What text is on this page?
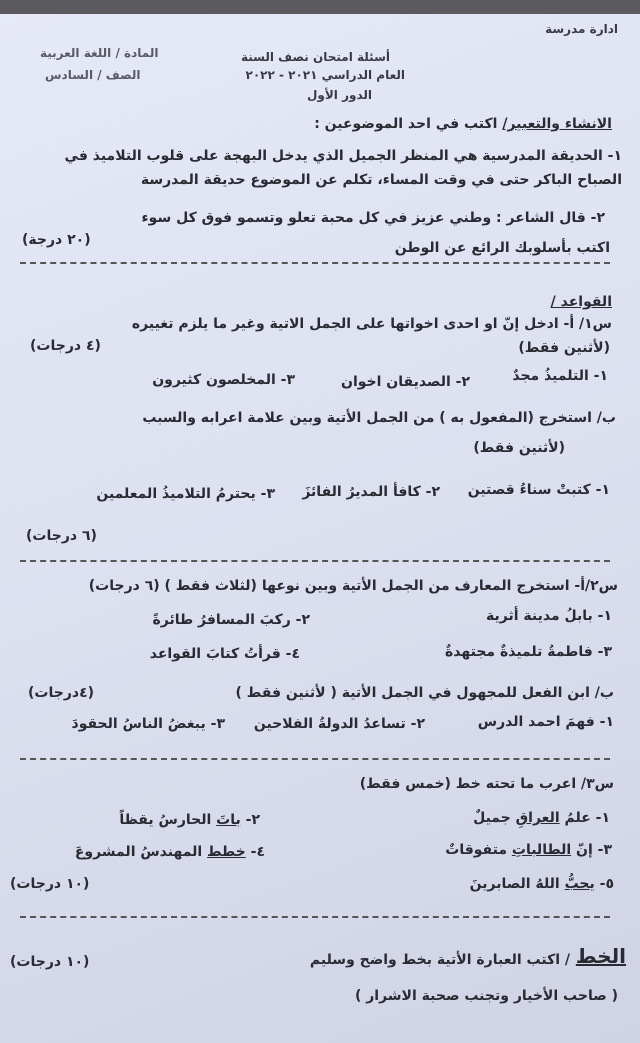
ادارة مدرسة
أسئلة امتحان نصف السنة
العام الدراسي ٢٠٢١ - ٢٠٢٢
الدور الأول
المادة / اللغة العربية
الصف / السادس
الانشاء والتعبير/ اكتب في احد الموضوعين :
١- الحديقة المدرسية هي المنظر الجميل الذي يدخل البهجة على قلوب التلاميذ في
الصباح الباكر حتى في وقت المساء، تكلم عن الموضوع حديقة المدرسة
٢- قال الشاعر : وطني عزيز في كل محبة تعلو وتسمو فوق كل سوء
اكتب بأسلوبك الرائع عن الوطن
(٢٠ درجة)
القواعد /
س١/ أ- ادخل إنّ او احدى اخواتها على الجمل الاتية وغير ما يلزم تغييره
(لأثنين فقط)
(٤ درجات)
١- التلميذُ مجدٌ
٢- الصديقان اخوان
٣- المخلصون كثيرون
ب/ استخرج (المفعول به ) من الجمل الأتية وبين علامة اعرابه والسبب
(لأثنين فقط)
١- كتبتْ سناءُ قصتين
٢- كافأ المديرُ الفائزَ
٣- يحترمُ التلاميذُ المعلمين
(٦ درجات)
س٢/أ- استخرج المعارف من الجمل الأتية وبين نوعها (لثلاث فقط ) (٦ درجات)
١- بابلُ مدينة أثرية
٢- ركبَ المسافرُ طائرةً
٣- فاطمةُ تلميذةٌ مجتهدةٌ
٤- قرأتُ كتابَ القواعد
ب/ ابن الفعل للمجهول في الجمل الأتية ( لأثنين فقط )
(٤درجات)
١- فهمَ احمد الدرس
٢- تساعدُ الدولةُ الفلاحين
٣- يبغضُ الناسُ الحقودَ
س٣/ اعرب ما تحته خط (خمس فقط)
١- علمُ العراقِ جميلٌ
٢- باتَ الحارسُ يقظاً
٣- إنّ الطالباتِ متفوقاتٌ
٤- خطط المهندسُ المشروعَ
٥- يحبُّ اللهُ الصابرينَ
(١٠ درجات)
الخط
/ اكتب العبارة الأتية بخط واضح وسليم
(١٠ درجات)
( صاحب الأخيار وتجنب صحبة الاشرار )
